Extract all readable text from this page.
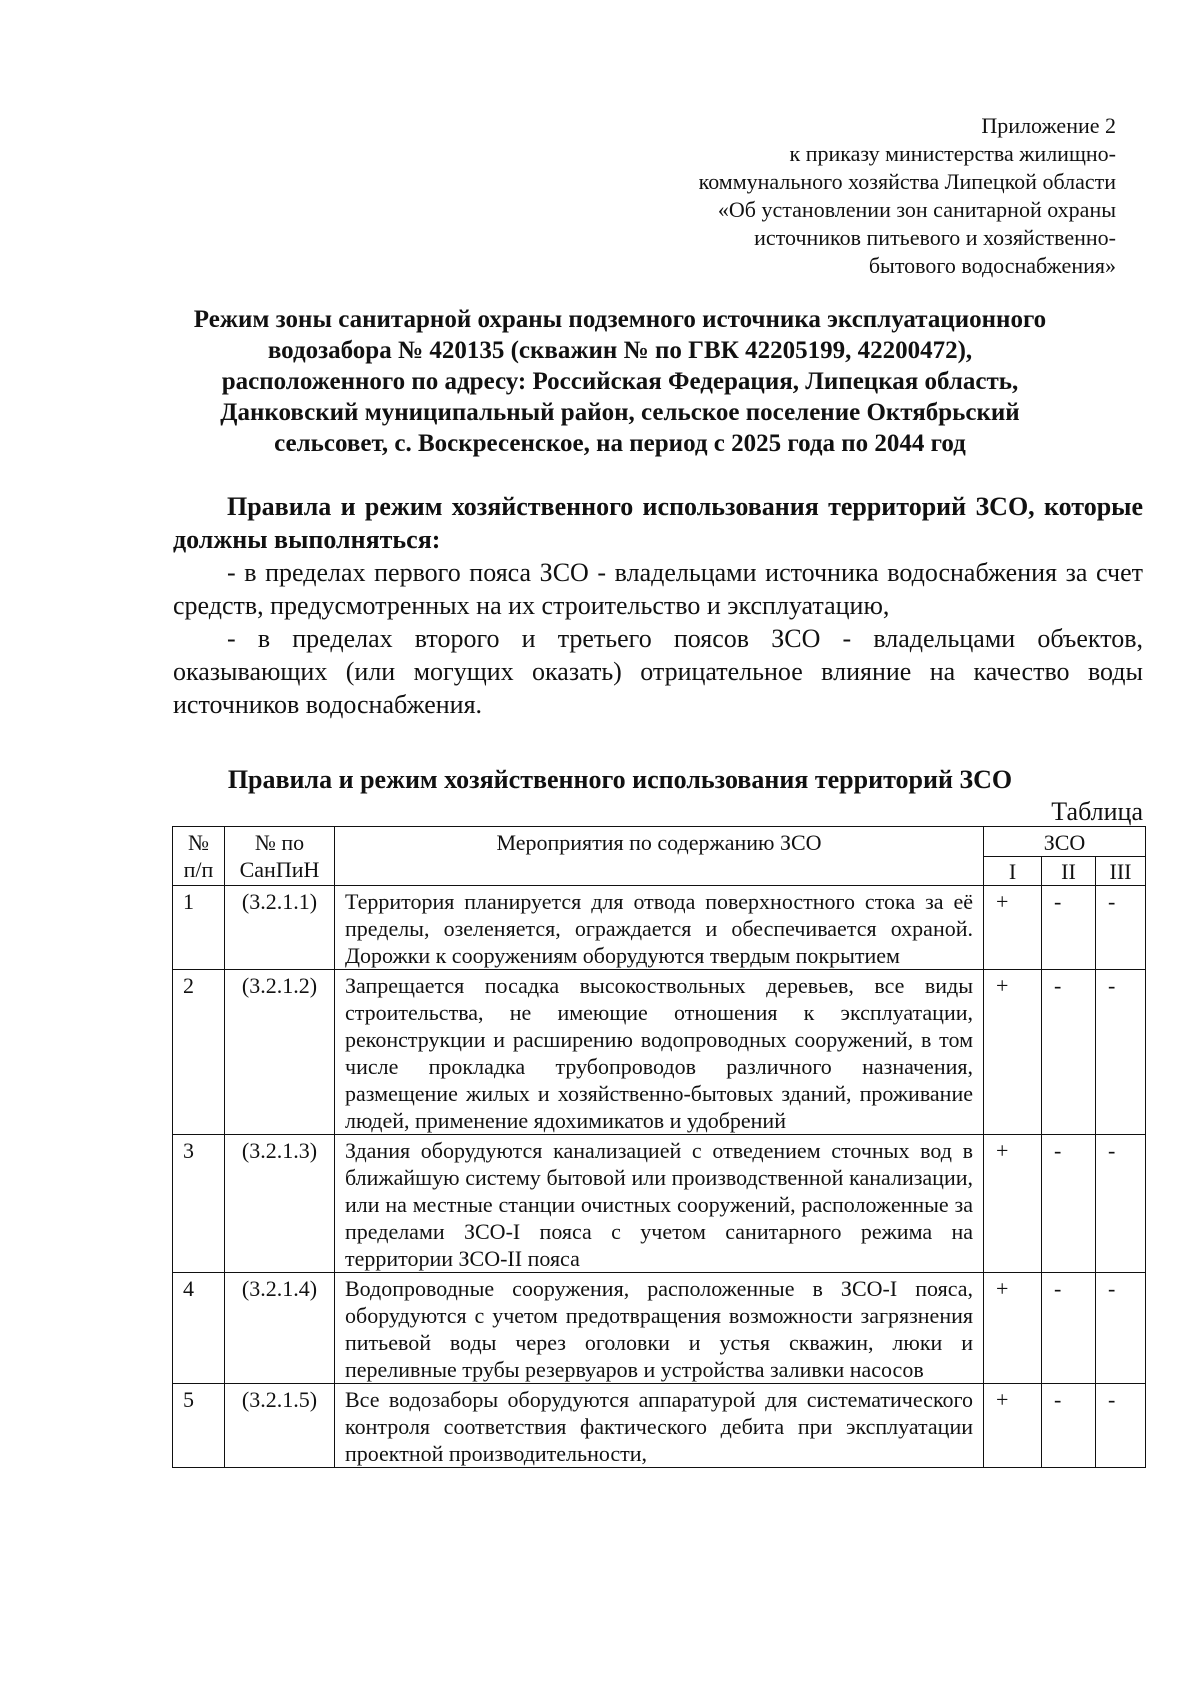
Приложение 2
к приказу министерства жилищно-
коммунального хозяйства Липецкой области
«Об установлении зон санитарной охраны
источников питьевого и хозяйственно-
бытового водоснабжения»
Режим зоны санитарной охраны подземного источника эксплуатационного
водозабора № 420135 (скважин № по ГВК 42205199, 42200472),
расположенного по адресу: Российская Федерация, Липецкая область,
Данковский муниципальный район, сельское поселение Октябрьский
сельсовет, с. Воскресенское, на период с 2025 года по 2044 год

Правила и режим хозяйственного использования территорий ЗСО, которые должны выполняться:

- в пределах первого пояса ЗСО - владельцами источника водоснабжения за счет средств, предусмотренных на их строительство и эксплуатацию,

- в пределах второго и третьего поясов ЗСО - владельцами объектов, оказывающих (или могущих оказать) отрицательное влияние на качество воды источников водоснабжения.

Правила и режим хозяйственного использования территорий ЗСО
Таблица
№ п/п	№ по СанПиН	Мероприятия по содержанию ЗСО	ЗСО		
			I	II	III
1	(3.2.1.1)	Территория планируется для отвода поверхностного стока за её пределы, озеленяется, ограждается и обеспечивается охраной. Дорожки к сооружениям оборудуются твердым покрытием	+	-	-
2	(3.2.1.2)	Запрещается посадка высокоствольных деревьев, все виды строительства, не имеющие отношения к эксплуатации, реконструкции и расширению водопроводных сооружений, в том числе прокладка трубопроводов различного назначения, размещение жилых и хозяйственно-бытовых зданий, проживание людей, применение ядохимикатов и удобрений	+	-	-
3	(3.2.1.3)	Здания оборудуются канализацией с отведением сточных вод в ближайшую систему бытовой или производственной канализации, или на местные станции очистных сооружений, расположенные за пределами ЗСО-I пояса с учетом санитарного режима на территории ЗСО-II пояса	+	-	-
4	(3.2.1.4)	Водопроводные сооружения, расположенные в ЗСО-I пояса, оборудуются с учетом предотвращения возможности загрязнения питьевой воды через оголовки и устья скважин, люки и переливные трубы резервуаров и устройства заливки насосов	+	-	-
5	(3.2.1.5)	Все водозаборы оборудуются аппаратурой для систематического контроля соответствия фактического дебита при эксплуатации проектной производительности,	+	-	-
